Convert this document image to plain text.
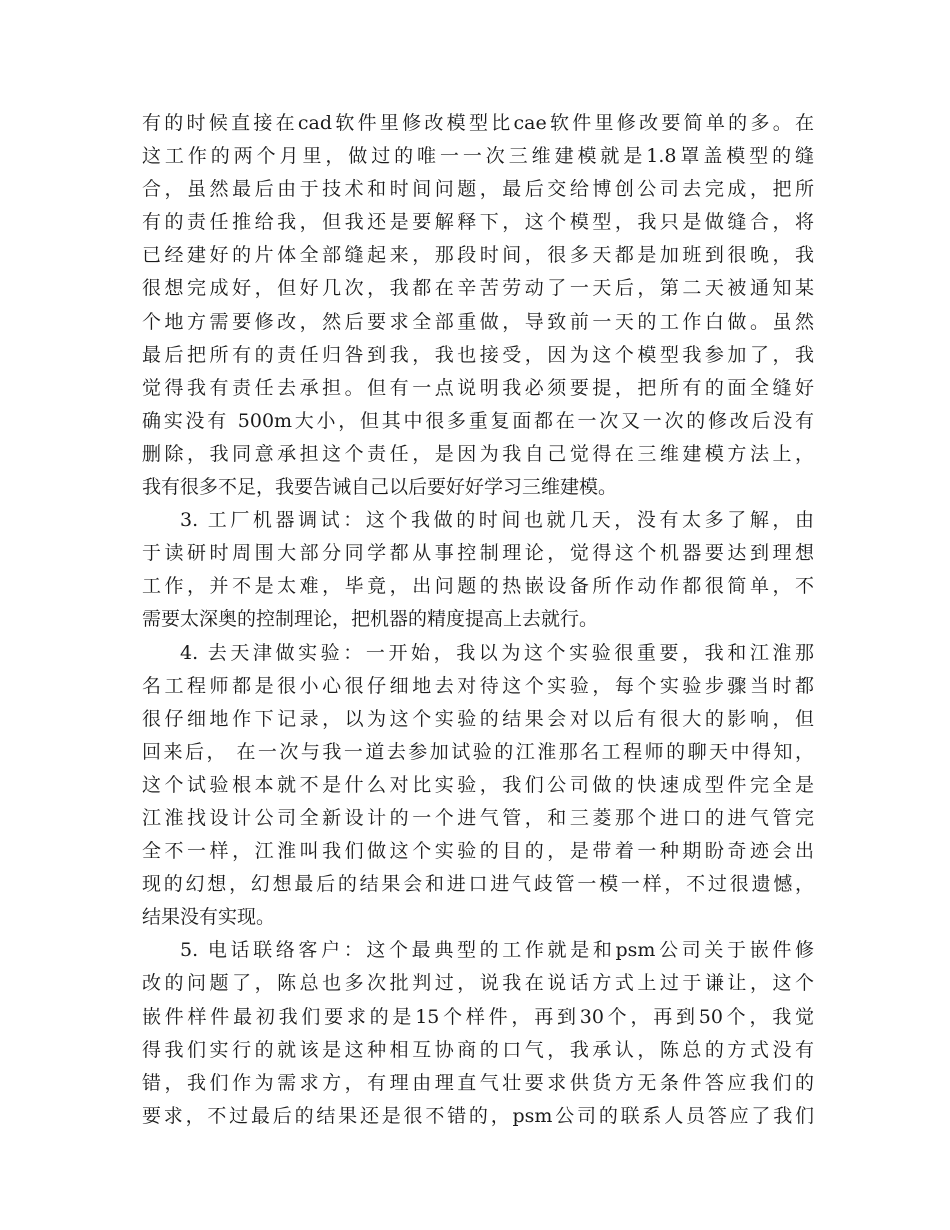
有的时候直接在cad软件里修改模型比cae软件里修改要简单的多。在
这工作的两个月里，做过的唯一一次三维建模就是1.8罩盖模型的缝
合，虽然最后由于技术和时间问题，最后交给博创公司去完成，把所
有的责任推给我，但我还是要解释下，这个模型，我只是做缝合，将
已经建好的片体全部缝起来，那段时间，很多天都是加班到很晚，我
很想完成好，但好几次，我都在辛苦劳动了一天后，第二天被通知某
个地方需要修改，然后要求全部重做，导致前一天的工作白做。虽然
最后把所有的责任归咎到我，我也接受，因为这个模型我参加了，我
觉得我有责任去承担。但有一点说明我必须要提，把所有的面全缝好
确实没有 500m大小，但其中很多重复面都在一次又一次的修改后没有
删除，我同意承担这个责任，是因为我自己觉得在三维建模方法上，
我有很多不足，我要告诫自己以后要好好学习三维建模。
3. 工厂机器调试：这个我做的时间也就几天，没有太多了解，由
于读研时周围大部分同学都从事控制理论，觉得这个机器要达到理想
工作，并不是太难，毕竟，出问题的热嵌设备所作动作都很简单，不
需要太深奥的控制理论，把机器的精度提高上去就行。
4. 去天津做实验：一开始，我以为这个实验很重要，我和江淮那
名工程师都是很小心很仔细地去对待这个实验，每个实验步骤当时都
很仔细地作下记录，以为这个实验的结果会对以后有很大的影响，但
回来后， 在一次与我一道去参加试验的江淮那名工程师的聊天中得知，
这个试验根本就不是什么对比实验，我们公司做的快速成型件完全是
江淮找设计公司全新设计的一个进气管，和三菱那个进口的进气管完
全不一样，江淮叫我们做这个实验的目的，是带着一种期盼奇迹会出
现的幻想，幻想最后的结果会和进口进气歧管一模一样，不过很遗憾，
结果没有实现。
5. 电话联络客户：这个最典型的工作就是和psm公司关于嵌件修
改的问题了，陈总也多次批判过，说我在说话方式上过于谦让，这个
嵌件样件最初我们要求的是15个样件，再到30个，再到50个，我觉
得我们实行的就该是这种相互协商的口气，我承认，陈总的方式没有
错，我们作为需求方，有理由理直气壮要求供货方无条件答应我们的
要求，不过最后的结果还是很不错的，psm公司的联系人员答应了我们
